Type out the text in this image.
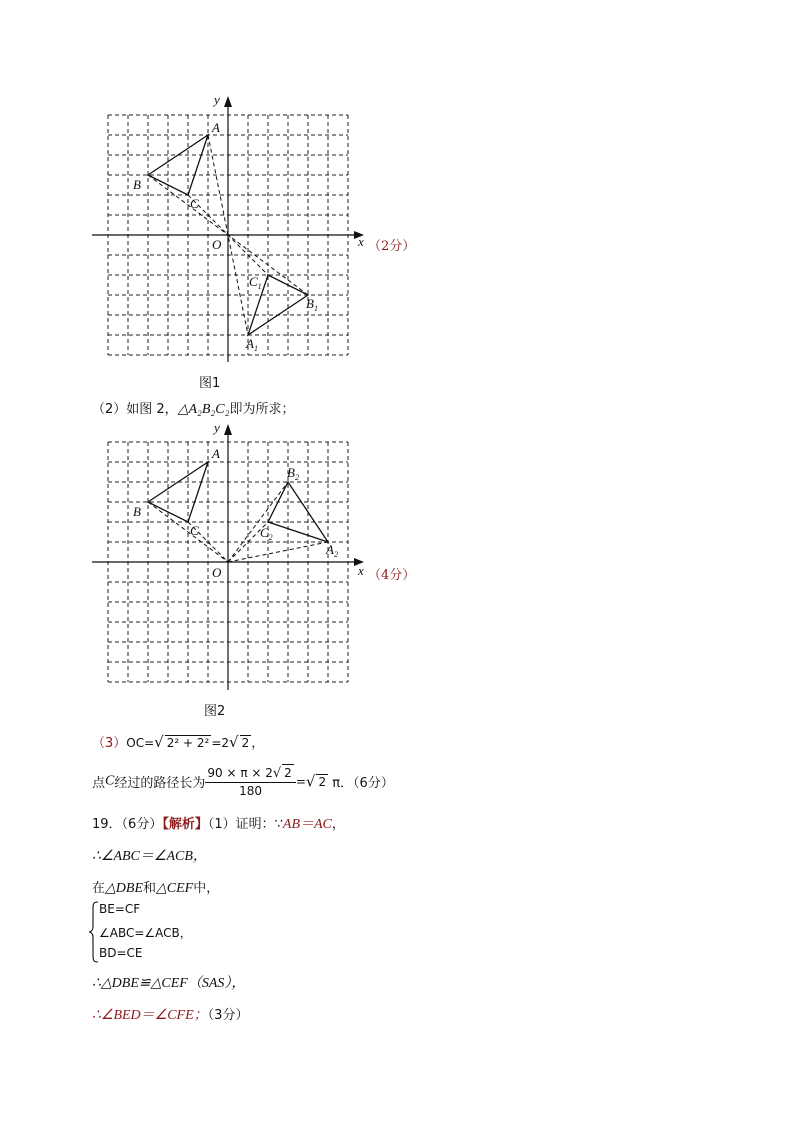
x
y
O
A
B
C
$C_1$
$B_1$
$A_1$
（2分）
图1
（2）如图 2，△A₂B₂C₂即为所求；
x
y
O
A
B
C
$B_2$
$C_2$
$A_2$
（4分）
图2
（3）OC=√ 2² + 2² =2√ 2 ，
点C经过的路径长为 $\frac{90 \times \pi \times 2√ 2}{180}$ =√ 2 π．（6分）
19．（6分）【解析】（1）证明：∵AB＝AC，
∴∠ABC＝∠ACB，
在△DBE和△CEF中，
BE=CF
∠ABC=∠ACB，
BD=CE
∴△DBE≌△CEF（SAS），
∴∠BED＝∠CFE；（3分）
